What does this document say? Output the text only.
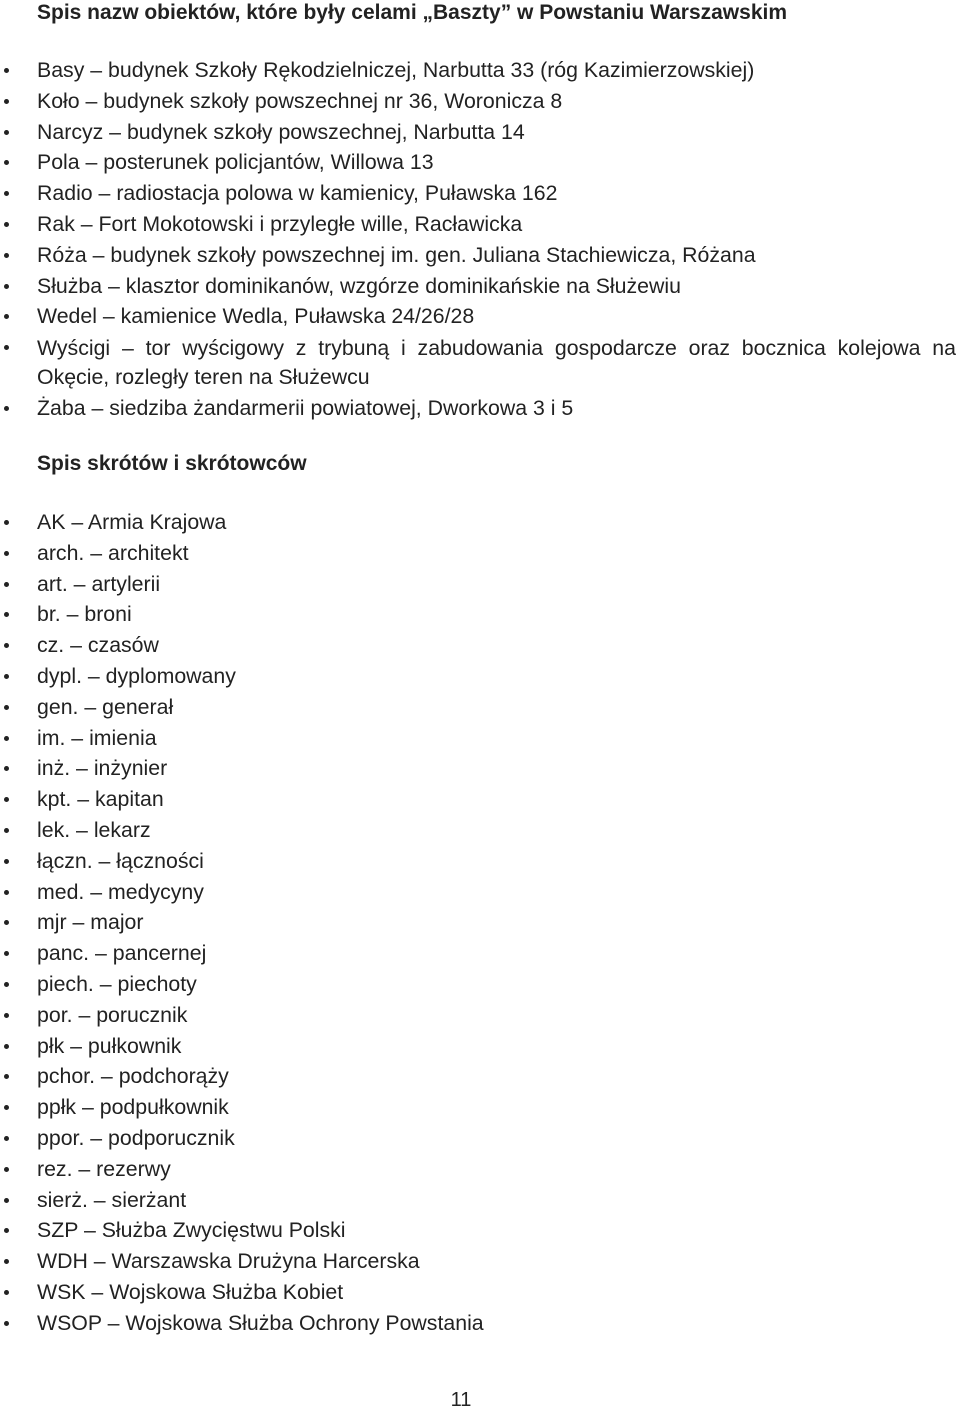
Spis nazw obiektów, które były celami „Baszty” w Powstaniu Warszawskim
Basy – budynek Szkoły Rękodzielniczej, Narbutta 33 (róg Kazimierzowskiej)
Koło – budynek szkoły powszechnej nr 36, Woronicza 8
Narcyz – budynek szkoły powszechnej, Narbutta 14
Pola – posterunek policjantów, Willowa 13
Radio – radiostacja polowa w kamienicy, Puławska 162
Rak – Fort Mokotowski i przyległe wille, Racławicka
Róża – budynek szkoły powszechnej im. gen. Juliana Stachiewicza, Różana
Służba – klasztor dominikanów, wzgórze dominikańskie na Służewiu
Wedel – kamienice Wedla, Puławska 24/26/28
Wyścigi – tor wyścigowy z trybuną i zabudowania gospodarcze oraz bocznica kolejowa na Okęcie, rozległy teren na Służewcu
Żaba – siedziba żandarmerii powiatowej, Dworkowa 3 i 5
Spis skrótów i skrótowców
AK – Armia Krajowa
arch. – architekt
art. – artylerii
br. – broni
cz. – czasów
dypl. – dyplomowany
gen. – generał
im. – imienia
inż. – inżynier
kpt. – kapitan
lek. – lekarz
łączn. – łączności
med. – medycyny
mjr – major
panc. – pancernej
piech. – piechoty
por. – porucznik
płk – pułkownik
pchor. – podchorąży
ppłk – podpułkownik
ppor. – podporucznik
rez. – rezerwy
sierż. – sierżant
SZP – Służba Zwycięstwu Polski
WDH – Warszawska Drużyna Harcerska
WSK – Wojskowa Służba Kobiet
WSOP – Wojskowa Służba Ochrony Powstania
11
